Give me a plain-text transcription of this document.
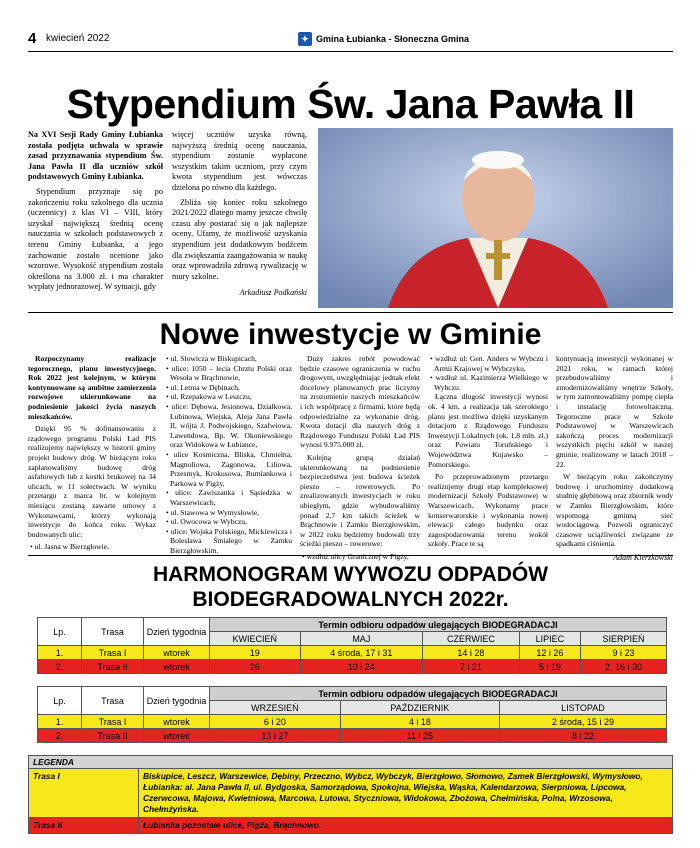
4 kwiecień 2022	✦ Gmina Łubianka - Słoneczna Gmina
Stypendium Św. Jana Pawła II

Na XVI Sesji Rady Gminy Łubianka została podjęta uchwała w sprawie zasad przyznawania stypendium Św. Jana Pawła II dla uczniów szkół podstawowych Gminy Łubianka.

Stypendium przyznaje się po zakończeniu roku szkolnego dla ucznia (uczennicy) z klas VI – VIII, który uzyskał największą średnią ocenę nauczania w szkołach podstawowych z terenu Gminy Łubianka, a jego zachowanie zostało ocenione jako wzorowe. Wysokość stypendium została określona na 3.000 zł. i ma charakter wypłaty jednorazowej. W sytuacji, gdy

więcej uczniów uzyska równą, najwyższą średnią ocenę nauczania, stypendium zostanie wypłacone wszystkim takim uczniom, przy czym kwota stypendium jest wówczas dzielona po równo dla każdego.

Zbliża się koniec roku szkolnego 2021/2022 dlatego mamy jeszcze chwilę czasu aby postarać się o jak najlepsze oceny. Ufamy, że możliwość uzyskania stypendium jest dodatkowym bodźcem dla zwiększania zaangażowania w naukę oraz wprowadziła zdrową rywalizację w mury szkolne.

Arkadiusz Podkański
Nowe inwestycje w Gminie

Rozpoczynamy realizacje tegorocznego, planu inwestycyjnego. Rok 2022 jest kolejnym, w którym kontynuowane są ambitne zamierzenia rozwojowe ukierunkowane na podniesienie jakości życia naszych mieszkańców.

Dzięki 95 % dofinansowaniu z rządowego programu Polski Ład PIS realizujemy największy w historii gminy projekt budowy dróg. W bieżącym roku zaplanowaliśmy budowę dróg asfaltowych lub z kostki brukowej na 34 ulicach, w 11 sołectwach. W wyniku przetargu z marca br. w kolejnym miesiącu zostaną zawarte umowy z Wykonawcami, którzy wykonają inwestycje do końca roku. Wykaz budowanych ulic:

• ul. Jasna w Bierzgłowie,
• ul. Słowicza w Biskupicach,
• ulice: 1050 – lecia Chrztu Polski oraz Wesoła w Brąchnowie,
• ul. Letnia w Dębinach,
• ul. Rzepakowa w Leszczu,
• ulice: Dębowa, Jesionowa, Działkowa, Łubinowa, Wiejska, Aleja Jana Pawła II, wójta J. Podwojskiego, Szafwiowa, Lawendowa, Bp. W. Okoniewskiego oraz Widokowa w Łubiance,
• ulice Kosmiczna, Bliska, Chmielna, Magnoliowa, Zagonowa, Liliowa, Przesmyk, Krokusowa, Rumiankowa i Parkowa w Pigży,
• ulice: Zawiszanka i Sąsiedzka w Warszewicach,
• ul. Stawowa w Wymysłowie,
• ul. Owocowa w Wybczu,
• ulice: Wojska Polskiego, Mickiewicza i Bolesława Śmiałego w Zamku Bierzgłowskim.

Duży zakres robót powodować będzie czasowe ograniczenia w ruchu drogowym, uwzględniając jednak efekt docelowy planowanych prac liczymy na zrozumienie naszych mieszkańców i ich współpracę z firmami, które będą odpowiedzialne za wykonanie dróg. Kwota dotacji dla naszych dróg z Rządowego Funduszu Polski Ład PIS wynosi 9.975.000 zł.

Kolejną grupą działań ukierunkowaną na podniesienie bezpieczeństwa jest budowa ścieżek pieszo – rowerowych. Po zrealizowanych inwestycjach w roku ubiegłym, gdzie wybudowaliśmy ponad 2,7 km takich ścieżek w Brąchnowie i Zamku Bierzgłowskim, w 2022 roku będziemy budowali trzy ścieżki pieszo – rowerowe:

• wzdłuż ulicy Granicznej w Pigży,
• wzdłuż ul: Gen. Anders w Wybczu i Armii Krajowej w Wybczyku,
• wzdłuż ul. Kazimierza Wielkiego w Wybczu.

Łączna długość inwestycji wynosi ok. 4 km, a realizacja tak szerokiego planu jest możliwa dzięki uzyskanym dotacjom z Rządowego Funduszu Inwestycji Lokalnych (ok. 1,8 mln. zł.) oraz Powiatu Toruńskiego i Województwa Kujawsko – Pomorskiego.

Po przeprowadzonym przetargu realizujemy drugi etap kompleksowej modernizacji Szkoły Podstawowej w Warszewicach. Wykonamy prace konserwatorskie i wykonania nowej elewacji całego budynku oraz zagospodarowania terenu wokół szkoły. Prace te są

kontynuacją inwestycji wykonanej w 2021 roku, w ramach której przebudowaliśmy i zmodernizowaliśmy wnętrze Szkoły, w tym zamontowaliśmy pompę ciepła i instalację fotowoltaiczną. Tegoroczne prace w Szkole Podstawowej w Warszewicach zakończą proces modernizacji wszystkich pięciu szkół w naszej gminie, realizowany w latach 2018 – 22.

W bieżącym roku zakończymy budowę i uruchomimy dodatkową studnię głębinową oraz zbiornik wody w Zamku Bierzgłowskim, które wspomogą gminną sieć wodociągową. Pozwoli ograniczyć czasowe uciążliwości związane ze spadkami ciśnienia.

Adam Kierzkowski
HARMONOGRAM WYWOZU ODPADÓW
BIODEGRADOWALNYCH 2022r.
Lp.	Trasa	Dzień tygodnia	Termin odbioru odpadów ulegających BIODEGRADACJI				
			KWIECIEŃ	MAJ	CZERWIEC	LIPIEC	SIERPIEŃ
1.	Trasa I	wtorek	19	4 środa, 17 i 31	14 i 28	12 i 26	9 i 23
2.	Trasa II	wtorek	26	10 i 24	7 i 21	5 i 19	2, 16 i 30
Lp.	Trasa	Dzień tygodnia	Termin odbioru odpadów ulegających BIODEGRADACJI		
			WRZESIEŃ	PAŹDZIERNIK	LISTOPAD
1.	Trasa I	wtorek	6 i 20	4 i 18	2 środa, 15 i 29
2.	Trasa II	wtorek	13 i 27	11 i 25	8 i 22
LEGENDA
Trasa I	Biskupice, Leszcz, Warszewice, Dębiny, Przeczno, Wybcz, Wybczyk, Bierzgłowo, Słomowo, Zamek Bierzgłowski, Wymysłowo, Łubianka: al. Jana Pawła II, ul. Bydgoska, Samorządowa, Spokojna, Wiejska, Wąska, Kalendarzowa, Sierpniowa, Lipcowa, Czerwcowa, Majowa, Kwietniowa, Marcowa, Lutowa, Styczniowa, Widokowa, Zbożowa, Chełmińska, Polna, Wrzosowa, Chełmżyńska.
Trasa II	Łubianka pozostałe ulice, Pigża, Brąchnowo.
